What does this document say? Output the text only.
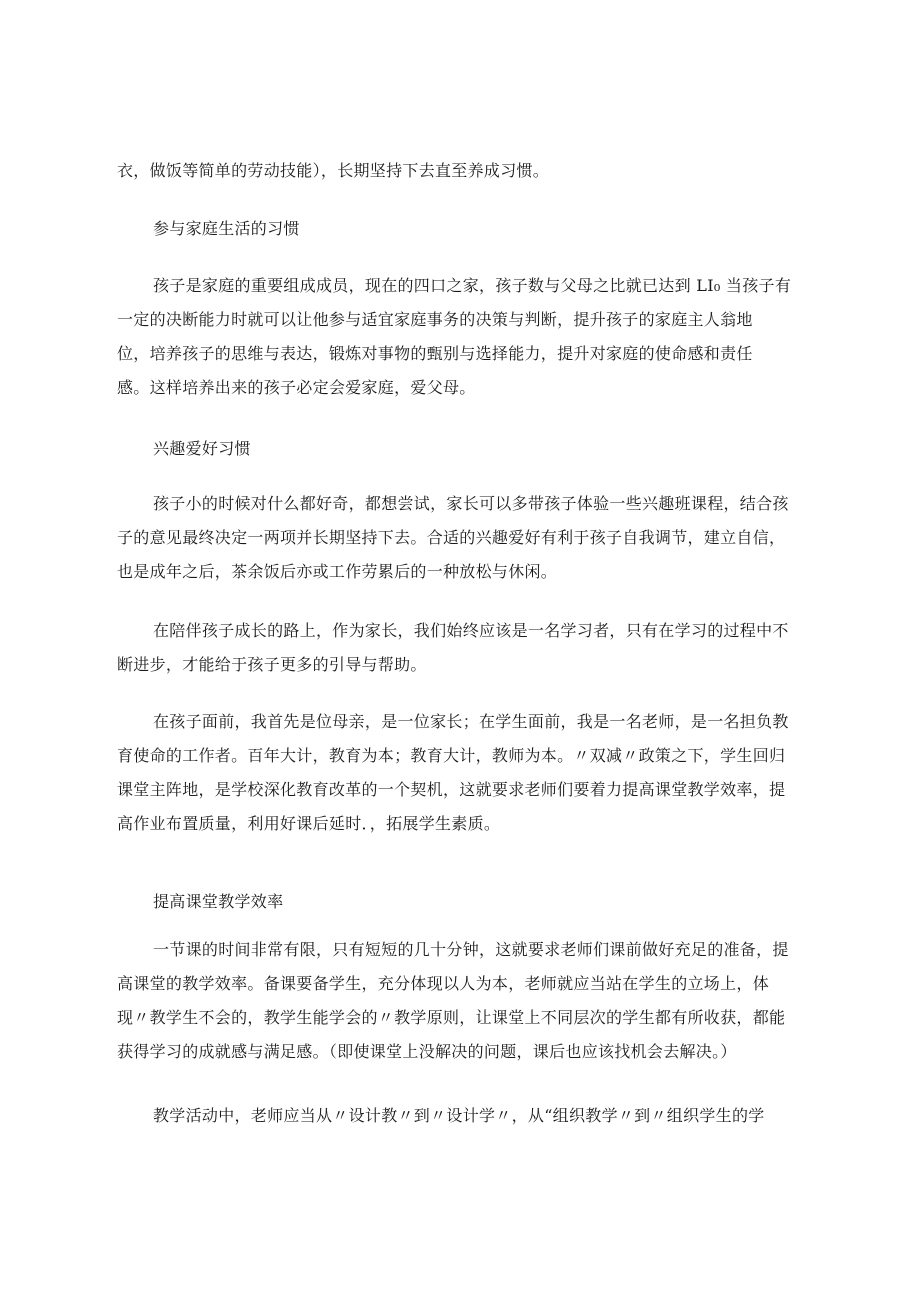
衣，做饭等简单的劳动技能），长期坚持下去直至养成习惯。

参与家庭生活的习惯

孩子是家庭的重要组成成员，现在的四口之家，孩子数与父母之比就已达到 LI₀ 当孩子有
一定的决断能力时就可以让他参与适宜家庭事务的决策与判断，提升孩子的家庭主人翁地
位，培养孩子的思维与表达，锻炼对事物的甄别与选择能力，提升对家庭的使命感和责任
感。这样培养出来的孩子必定会爱家庭，爱父母。

兴趣爱好习惯

孩子小的时候对什么都好奇，都想尝试，家长可以多带孩子体验一些兴趣班课程，结合孩
子的意见最终决定一两项并长期坚持下去。合适的兴趣爱好有利于孩子自我调节，建立自信，
也是成年之后，茶余饭后亦或工作劳累后的一种放松与休闲。

在陪伴孩子成长的路上，作为家长，我们始终应该是一名学习者，只有在学习的过程中不
断进步，才能给于孩子更多的引导与帮助。

在孩子面前，我首先是位母亲，是一位家长；在学生面前，我是一名老师，是一名担负教
育使命的工作者。百年大计，教育为本；教育大计，教师为本。〃双减〃政策之下，学生回归
课堂主阵地，是学校深化教育改革的一个契机，这就要求老师们要着力提高课堂教学效率，提
高作业布置质量，利用好课后延时．，拓展学生素质。

提高课堂教学效率

一节课的时间非常有限，只有短短的几十分钟，这就要求老师们课前做好充足的准备，提
高课堂的教学效率。备课要备学生，充分体现以人为本，老师就应当站在学生的立场上，体
现〃教学生不会的，教学生能学会的〃教学原则，让课堂上不同层次的学生都有所收获，都能
获得学习的成就感与满足感。（即使课堂上没解决的问题，课后也应该找机会去解决。）

教学活动中，老师应当从〃设计教〃到〃设计学〃，从“组织教学〃到〃组织学生的学
